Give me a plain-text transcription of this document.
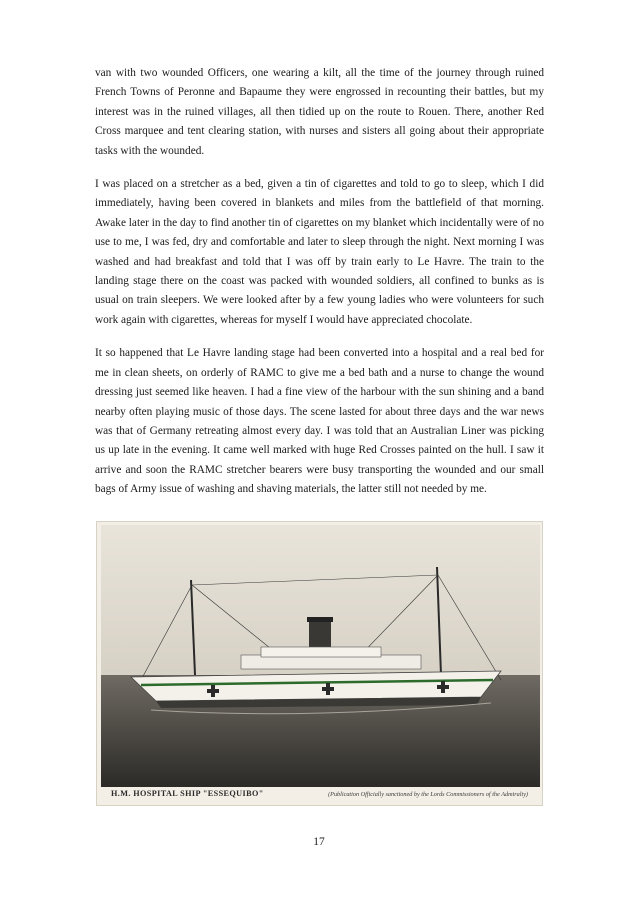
van with two wounded Officers, one wearing a kilt, all the time of the journey through ruined French Towns of Peronne and Bapaume they were engrossed in recounting their battles, but my interest was in the ruined villages, all then tidied up on the route to Rouen. There, another Red Cross marquee and tent clearing station, with nurses and sisters all going about their appropriate tasks with the wounded.

I was placed on a stretcher as a bed, given a tin of cigarettes and told to go to sleep, which I did immediately, having been covered in blankets and miles from the battlefield of that morning. Awake later in the day to find another tin of cigarettes on my blanket which incidentally were of no use to me, I was fed, dry and comfortable and later to sleep through the night. Next morning I was washed and had breakfast and told that I was off by train early to Le Havre. The train to the landing stage there on the coast was packed with wounded soldiers, all confined to bunks as is usual on train sleepers. We were looked after by a few young ladies who were volunteers for such work again with cigarettes, whereas for myself I would have appreciated chocolate.

It so happened that Le Havre landing stage had been converted into a hospital and a real bed for me in clean sheets, on orderly of RAMC to give me a bed bath and a nurse to change the wound dressing just seemed like heaven. I had a fine view of the harbour with the sun shining and a band nearby often playing music of those days. The scene lasted for about three days and the war news was that of Germany retreating almost every day. I was told that an Australian Liner was picking us up late in the evening. It came well marked with huge Red Crosses painted on the hull. I saw it arrive and soon the RAMC stretcher bearers were busy transporting the wounded and our small bags of Army issue of washing and shaving materials, the latter still not needed by me.

H.M. HOSPITAL SHIP "ESSEQUIBO"	(Publication Officially sanctioned by the Lords Commissioners of the Admiralty)
17
